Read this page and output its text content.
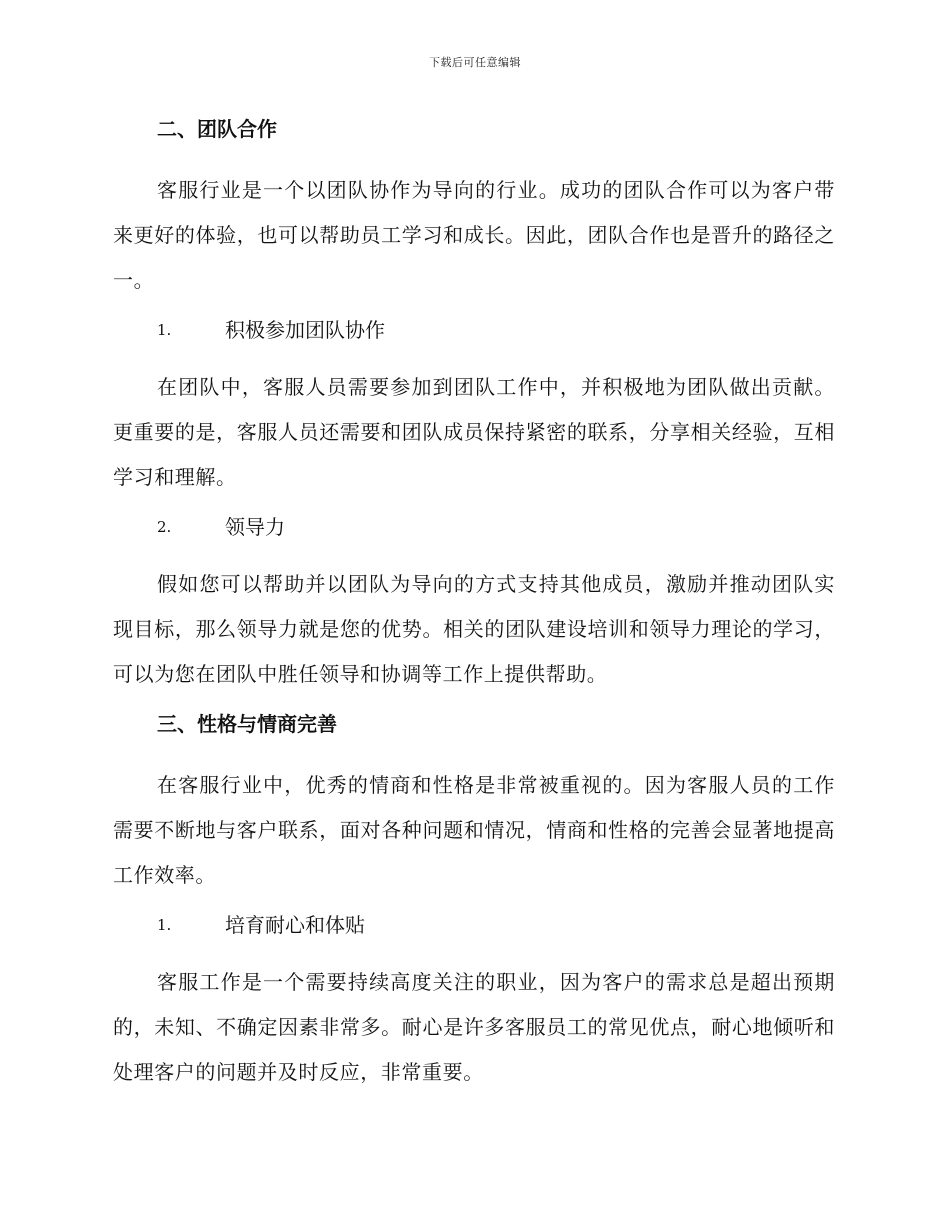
下载后可任意编辑
二、团队合作

客服行业是一个以团队协作为导向的行业。成功的团队合作可以为客户带来更好的体验，也可以帮助员工学习和成长。因此，团队合作也是晋升的路径之一。

1.	积极参加团队协作

在团队中，客服人员需要参加到团队工作中，并积极地为团队做出贡献。更重要的是，客服人员还需要和团队成员保持紧密的联系，分享相关经验，互相学习和理解。

2.	领导力

假如您可以帮助并以团队为导向的方式支持其他成员，激励并推动团队实现目标，那么领导力就是您的优势。相关的团队建设培训和领导力理论的学习，可以为您在团队中胜任领导和协调等工作上提供帮助。

三、性格与情商完善

在客服行业中，优秀的情商和性格是非常被重视的。因为客服人员的工作需要不断地与客户联系，面对各种问题和情况，情商和性格的完善会显著地提高工作效率。

1.	培育耐心和体贴

客服工作是一个需要持续高度关注的职业，因为客户的需求总是超出预期的，未知、不确定因素非常多。耐心是许多客服员工的常见优点，耐心地倾听和处理客户的问题并及时反应，非常重要。
